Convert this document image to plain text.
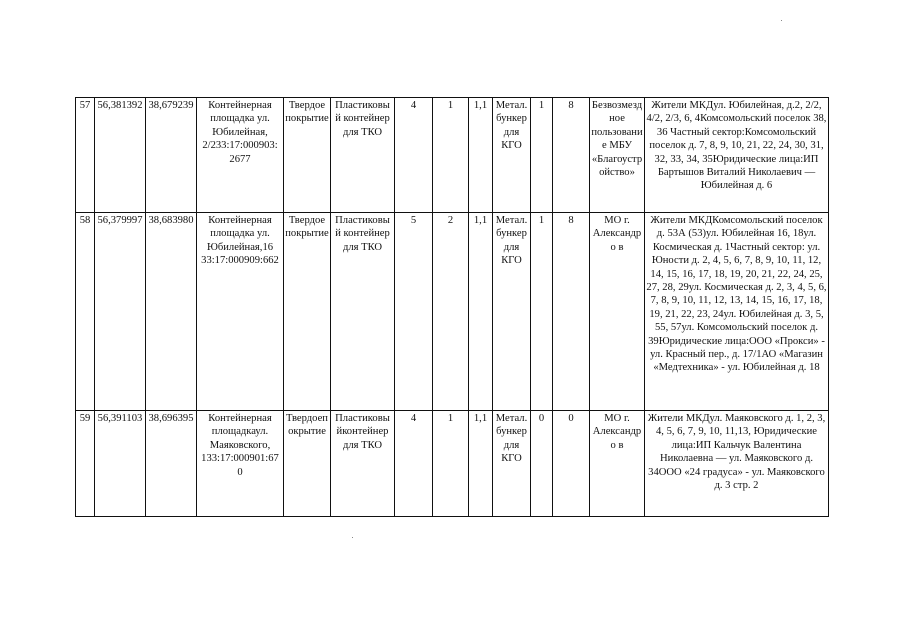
57	56,381392	38,679239	Контейнерная площадка ул. Юбилейная, 2/233:17:000903: 2677	Твердое покрытие	Пластиковы й контейнер для ТКО	4	1	1,1	Метал. бункер для КГО	1	8	Безвозмездное пользовани е МБУ «Благоустр ойство»	Жители МКДул. Юбилейная, д.2, 2/2, 4/2, 2/3, 6, 4Комсомольский поселок 38, 36 Частный сектор:Комсомольский поселок д. 7, 8, 9, 10, 21, 22, 24, 30, 31, 32, 33, 34, 35Юридические лица:ИП Бартышов Виталий Николаевич — Юбилейная д. 6
58	56,379997	38,683980	Контейнерная площадка ул. Юбилейная,16 33:17:000909:662	Твердое покрытие	Пластиковы й контейнер для ТКО	5	2	1,1	Метал. бункер для КГО	1	8	МО г. Александро в	Жители МКДКомсомольский поселок д. 53А (53)ул. Юбилейная 16, 18ул. Космическая д. 1Частный сектор: ул. Юности д. 2, 4, 5, 6, 7, 8, 9, 10, 11, 12, 14, 15, 16, 17, 18, 19, 20, 21, 22, 24, 25, 27, 28, 29ул. Космическая д. 2, 3, 4, 5, 6, 7, 8, 9, 10, 11, 12, 13, 14, 15, 16, 17, 18, 19, 21, 22, 23, 24ул. Юбилейная д. 3, 5, 55, 57ул. Комсомольский поселок д. 39Юридические лица:ООО «Прокси» - ул. Красный пер., д. 17/1АО «Магазин «Медтехника» - ул. Юбилейная д. 18
59	56,391103	38,696395	Контейнерная площадкаул. Маяковского, 133:17:000901:67 0	Твердоеп окрытие	Пластиковы йконтейнер для ТКО	4	1	1,1	Метал. бункер для КГО	0	0	МО г. Александро в	Жители МКДул. Маяковского д. 1, 2, 3, 4, 5, 6, 7, 9, 10, 11,13, Юридические лица:ИП Кальчук Валентина Николаевна — ул. Маяковского д. 34ООО «24 градуса» - ул. Маяковского д. 3 стр. 2
